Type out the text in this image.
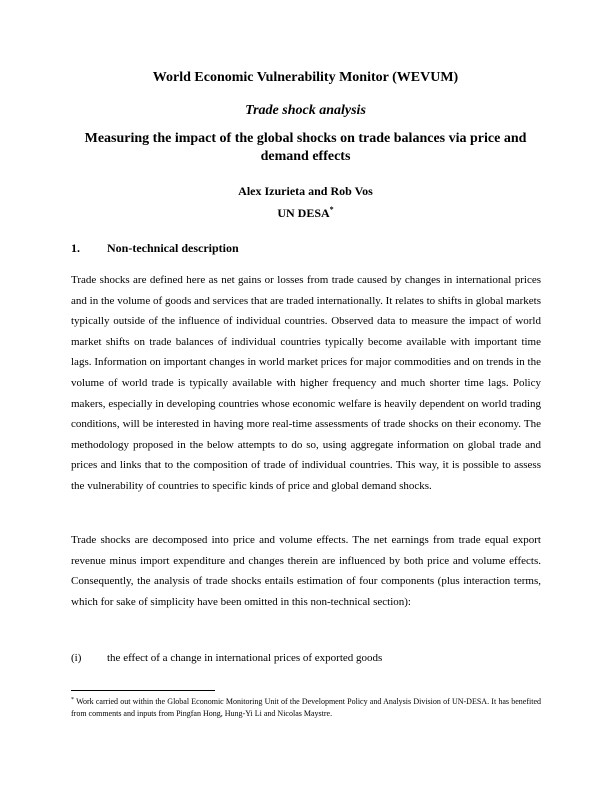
World Economic Vulnerability Monitor (WEVUM)
Trade shock analysis
Measuring the impact of the global shocks on trade balances via price and demand effects
Alex Izurieta and Rob Vos
UN DESA*
1. Non-technical description
Trade shocks are defined here as net gains or losses from trade caused by changes in international prices and in the volume of goods and services that are traded internationally. It relates to shifts in global markets typically outside of the influence of individual countries. Observed data to measure the impact of world market shifts on trade balances of individual countries typically become available with important time lags. Information on important changes in world market prices for major commodities and on trends in the volume of world trade is typically available with higher frequency and much shorter time lags. Policy makers, especially in developing countries whose economic welfare is heavily dependent on world trading conditions, will be interested in having more real-time assessments of trade shocks on their economy. The methodology proposed in the below attempts to do so, using aggregate information on global trade and prices and links that to the composition of trade of individual countries. This way, it is possible to assess the vulnerability of countries to specific kinds of price and global demand shocks.
Trade shocks are decomposed into price and volume effects. The net earnings from trade equal export revenue minus import expenditure and changes therein are influenced by both price and volume effects. Consequently, the analysis of trade shocks entails estimation of four components (plus interaction terms, which for sake of simplicity have been omitted in this non-technical section):
(i) the effect of a change in international prices of exported goods
* Work carried out within the Global Economic Monitoring Unit of the Development Policy and Analysis Division of UN-DESA. It has benefited from comments and inputs from Pingfan Hong, Hung-Yi Li and Nicolas Maystre.
